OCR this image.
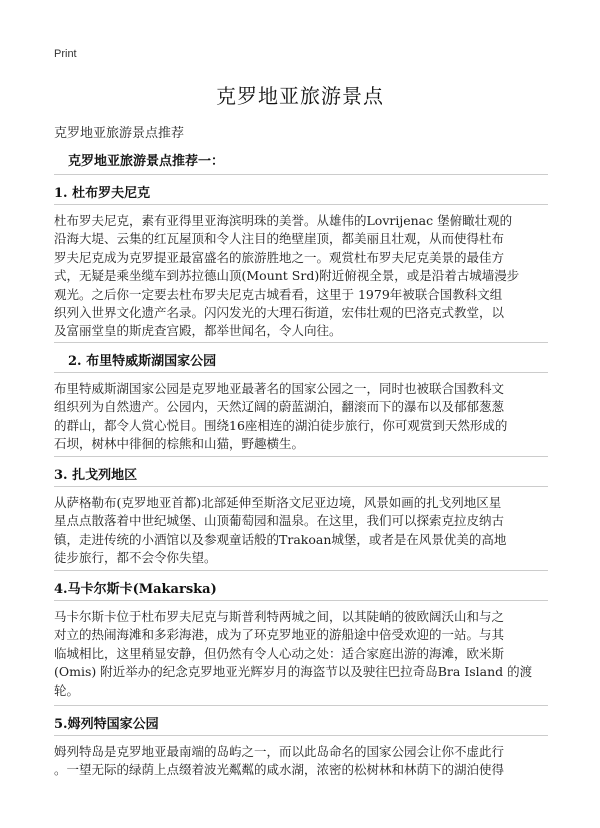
Print
克罗地亚旅游景点
克罗地亚旅游景点推荐
克罗地亚旅游景点推荐一：
1. 杜布罗夫尼克
杜布罗夫尼克，素有亚得里亚海滨明珠的美誉。从雄伟的Lovrijenac 堡俯瞰壮观的
沿海大堤、云集的红瓦屋顶和令人注目的绝壁崖顶，都美丽且壮观，从而使得杜布
罗夫尼克成为克罗提亚最富盛名的旅游胜地之一。观赏杜布罗夫尼克美景的最佳方
式，无疑是乘坐缆车到苏拉德山顶(Mount Srd)附近俯视全景，或是沿着古城墙漫步
观光。之后你一定要去杜布罗夫尼克古城看看，这里于 1979年被联合国教科文组
织列入世界文化遗产名录。闪闪发光的大理石街道，宏伟壮观的巴洛克式教堂，以
及富丽堂皇的斯虎查宫殿，都举世闻名，令人向往。
2. 布里特威斯湖国家公园
布里特威斯湖国家公园是克罗地亚最著名的国家公园之一，同时也被联合国教科文
组织列为自然遗产。公园内，天然辽阔的蔚蓝湖泊，翻滚而下的瀑布以及郁郁葱葱
的群山，都令人赏心悦目。围绕16座相连的湖泊徒步旅行，你可观赏到天然形成的
石坝，树林中徘徊的棕熊和山猫，野趣横生。
3. 扎戈列地区
从萨格勒布(克罗地亚首都)北部延伸至斯洛文尼亚边境，风景如画的扎戈列地区星
星点点散落着中世纪城堡、山顶葡萄园和温泉。在这里，我们可以探索克拉皮纳古
镇，走进传统的小酒馆以及参观童话般的Trakoan城堡，或者是在风景优美的高地
徒步旅行，都不会令你失望。
4.马卡尔斯卡(Makarska)
马卡尔斯卡位于杜布罗夫尼克与斯普利特两城之间，以其陡峭的彼欧阔沃山和与之
对立的热闹海滩和多彩海港，成为了环克罗地亚的游船途中倍受欢迎的一站。与其
临城相比，这里稍显安静，但仍然有令人心动之处：适合家庭出游的海滩，欧米斯
(Omis) 附近举办的纪念克罗地亚光辉岁月的海盗节以及驶往巴拉奇岛Bra Island 的渡
轮。
5.姆列特国家公园
姆列特岛是克罗地亚最南端的岛屿之一，而以此岛命名的国家公园会让你不虚此行
。一望无际的绿荫上点缀着波光粼粼的咸水湖，浓密的松树林和林荫下的湖泊使得
